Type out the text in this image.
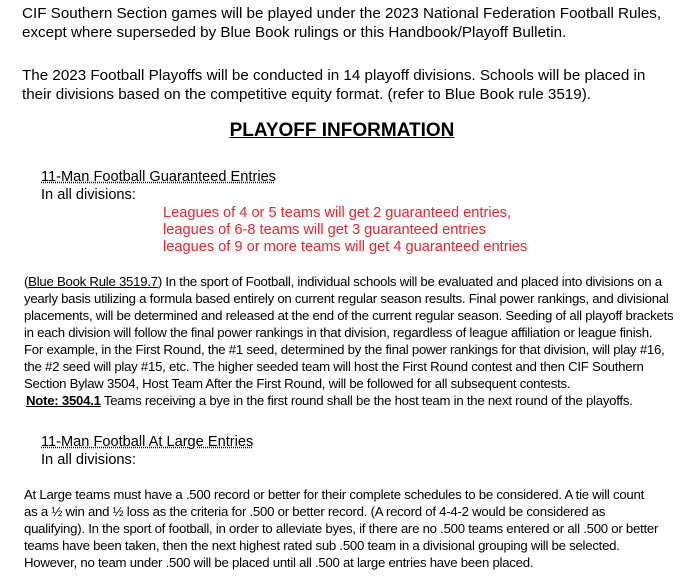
CIF Southern Section games will be played under the 2023 National Federation Football Rules,

except where superseded by Blue Book rulings or this Handbook/Playoff Bulletin.

The 2023 Football Playoffs will be conducted in 14 playoff divisions. Schools will be placed in

their divisions based on the competitive equity format. (refer to Blue Book rule 3519).

PLAYOFF INFORMATION

11-Man Football Guaranteed Entries

In all divisions:

Leagues of 4 or 5 teams will get 2 guaranteed entries,

leagues of 6-8 teams will get 3 guaranteed entries

leagues of 9 or more teams will get 4 guaranteed entries

(Blue Book Rule 3519.7) In the sport of Football, individual schools will be evaluated and placed into divisions on a

yearly basis utilizing a formula based entirely on current regular season results. Final power rankings, and divisional

placements, will be determined and released at the end of the current regular season. Seeding of all playoff brackets

in each division will follow the final power rankings in that division, regardless of league affiliation or league finish.

For example, in the First Round, the #1 seed, determined by the final power rankings for that division, will play #16,

the #2 seed will play #15, etc. The higher seeded team will host the First Round contest and then CIF Southern

Section Bylaw 3504, Host Team After the First Round, will be followed for all subsequent contests.

Note: 3504.1 Teams receiving a bye in the first round shall be the host team in the next round of the playoffs.

11-Man Football At Large Entries

In all divisions:

At Large teams must have a .500 record or better for their complete schedules to be considered. A tie will count

as a ½ win and ½ loss as the criteria for .500 or better record. (A record of 4-4-2 would be considered as

qualifying). In the sport of football, in order to alleviate byes, if there are no .500 teams entered or all .500 or better

teams have been taken, then the next highest rated sub .500 team in a divisional grouping will be selected.

However, no team under .500 will be placed until all .500 at large entries have been placed.
